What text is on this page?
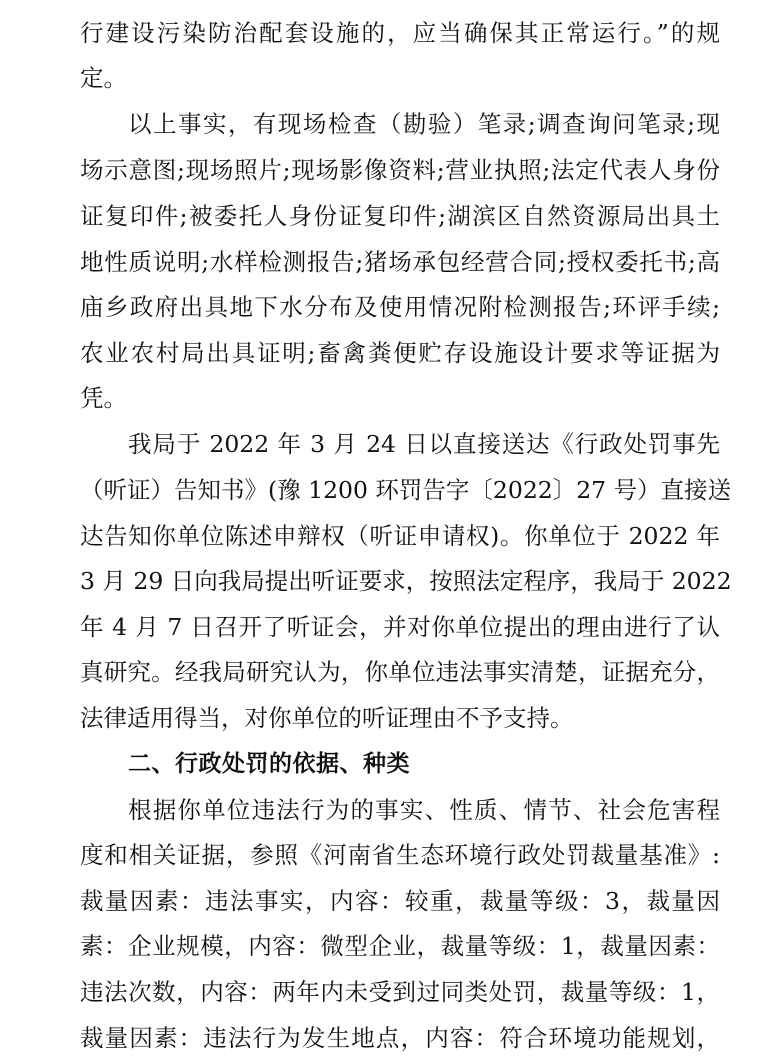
行建设污染防治配套设施的，应当确保其正常运行。”的规
定。
以上事实，有现场检查（勘验）笔录;调查询问笔录;现
场示意图;现场照片;现场影像资料;营业执照;法定代表人身份
证复印件;被委托人身份证复印件;湖滨区自然资源局出具土
地性质说明;水样检测报告;猪场承包经营合同;授权委托书;高
庙乡政府出具地下水分布及使用情况附检测报告;环评手续;
农业农村局出具证明;畜禽粪便贮存设施设计要求等证据为
凭。
我局于 2022 年 3 月 24 日以直接送达《行政处罚事先
（听证）告知书》(豫 1200 环罚告字〔2022〕27 号）直接送
达告知你单位陈述申辩权（听证申请权)。你单位于 2022 年
3 月 29 日向我局提出听证要求，按照法定程序，我局于 2022
年 4 月 7 日召开了听证会，并对你单位提出的理由进行了认
真研究。经我局研究认为，你单位违法事实清楚，证据充分，
法律适用得当，对你单位的听证理由不予支持。
二、行政处罚的依据、种类
根据你单位违法行为的事实、性质、情节、社会危害程
度和相关证据，参照《河南省生态环境行政处罚裁量基准》:
裁量因素：违法事实，内容：较重，裁量等级：3，裁量因
素：企业规模，内容：微型企业，裁量等级：1，裁量因素：
违法次数，内容：两年内未受到过同类处罚，裁量等级：1，
裁量因素：违法行为发生地点，内容：符合环境功能规划，
